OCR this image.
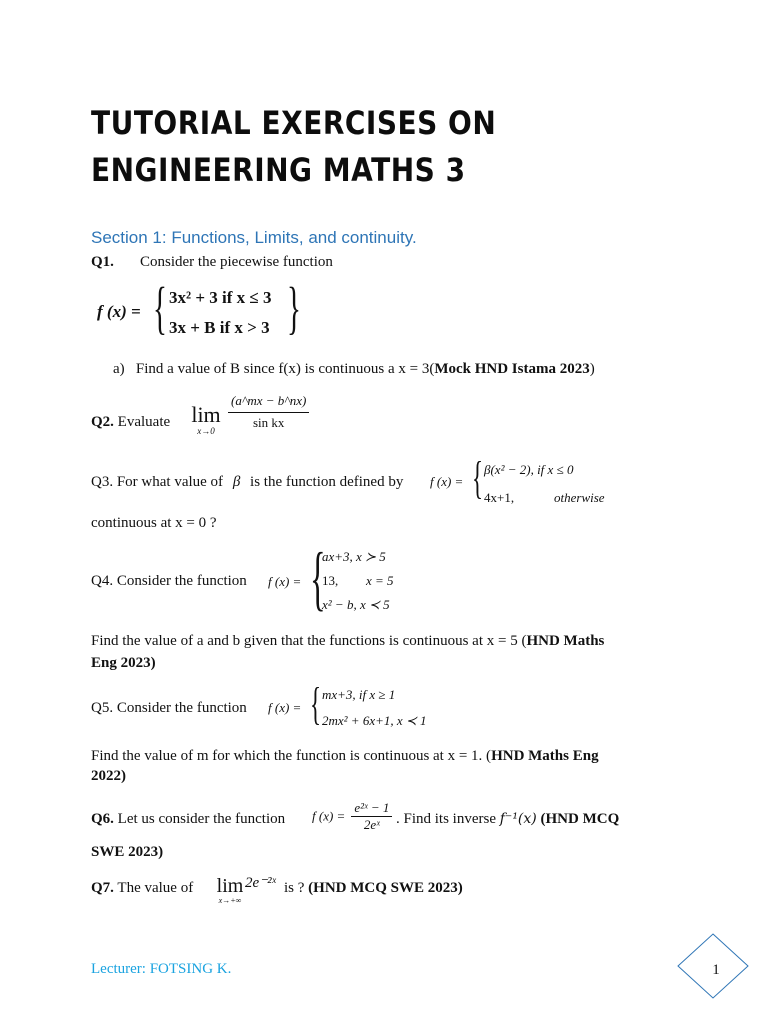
TUTORIAL EXERCISES ON
ENGINEERING MATHS 3
Section 1: Functions, Limits, and continuity.
Q1. Consider the piecewise function
f (x) = { 3x² + 3 if x ≤ 3
3x + B if x > 3 }
a) Find a value of B since f(x) is continuous a x = 3(Mock HND Istama 2023)
Q2. Evaluate lim
x→0	$\frac{(a\^{}mx - b\^{}nx)}{\text{sin kx}}$
Q3. For what value of β is the function defined by f (x) = { β(x² − 2), if x ≤ 0
4x+1,	otherwise
continuous at x = 0 ?
Q4. Consider the function f (x) = {
ax+3, x ≻ 5
13, x = 5
x² − b, x ≺ 5
Find the value of a and b given that the functions is continuous at x = 5 (HND Maths
Eng 2023)
Q5. Consider the function f (x) = { mx+3, if x ≥ 1
2mx² + 6x+1, x ≺ 1
Find the value of m for which the function is continuous at x = 1. (HND Maths Eng
2022)
Q6. Let us consider the function f $(x) = \frac{\text{e²ˣ − 1}}{\text{2eˣ}}$ . Find its inverse f⁻¹(x) (HND MCQ
SWE 2023)
Q7. The value of	lim
x→+∞
2e⁻²ˣ is ? (HND MCQ SWE 2023)
Lecturer: FOTSING K.	1
